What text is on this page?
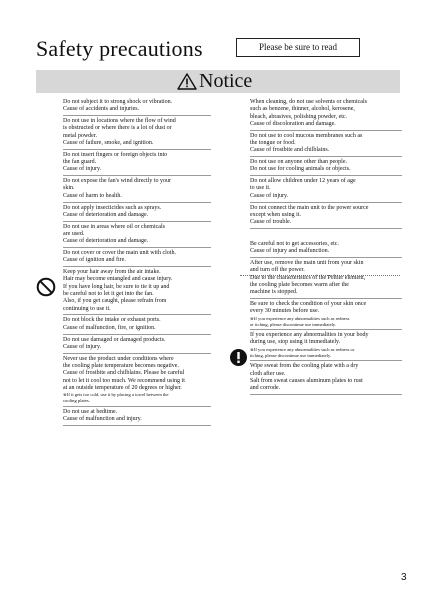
Safety precautions	Please be sure to read
Notice
Do not subject it to strong shock or vibration.
Cause of accidents and injuries.
Do not use in locations where the flow of wind
is obstructed or where there is a lot of dust or
metal powder.
Cause of failure, smoke, and ignition.
Do not insert fingers or foreign objects into
the fan guard.
Cause of injury.
Do not expose the fan's wind directly to your
skin.
Cause of harm to health.
Do not apply insecticides such as sprays.
Cause of deterioration and damage.
Do not use in areas where oil or chemicals
are used.
Cause of deterioration and damage.
Do not cover or cover the main unit with cloth.
Cause of ignition and fire.
Keep your hair away from the air intake.
Hair may become entangled and cause injury.
If you have long hair, be sure to tie it up and
be careful not to let it get into the fan.
Also, if you get caught, please refrain from
continuing to use it.
Do not block the intake or exhaust ports.
Cause of malfunction, fire, or ignition.
Do not use damaged or damaged products.
Cause of injury.
Never use the product under conditions where
the cooling plate temperature becomes negative.
Cause of frostbite and chilblains. Please be careful
not to let it cool too much. We recommend using it
at an outside temperature of 20 degrees or higher.
※If it gets too cold, use it by placing a towel between the
cooling plates.
Do not use at bedtime.
Cause of malfunction and injury.
When cleaning, do not use solvents or chemicals
such as benzene, thinner, alcohol, kerosene,
bleach, abrasives, polishing powder, etc.
Cause of discoloration and damage.
Do not use to cool mucous membranes such as
the tongue or food.
Cause of frostbite and chilblains.
Do not use on anyone other than people.
Do not use for cooling animals or objects.
Do not allow children under 12 years of age
to use it.
Cause of injury.
Do not connect the main unit to the power source
except when using it.
Cause of trouble.
Be careful not to get accessories, etc.
Cause of injury and malfunction.
After use, remove the main unit from your skin
and turn off the power.
Due to the characteristics of the Peltier element,
the cooling plate becomes warm after the
machine is stopped.
Be sure to check the condition of your skin once
every 30 minutes before use.
※If you experience any abnormalities such as redness
or itching, please discontinue use immediately.
If you experience any abnormalities in your body
during use, stop using it immediately.
※If you experience any abnormalities such as redness or
itching, please discontinue use immediately.
Wipe sweat from the cooling plate with a dry
cloth after use.
Salt from sweat causes aluminum plates to rust
and corrode.
3
